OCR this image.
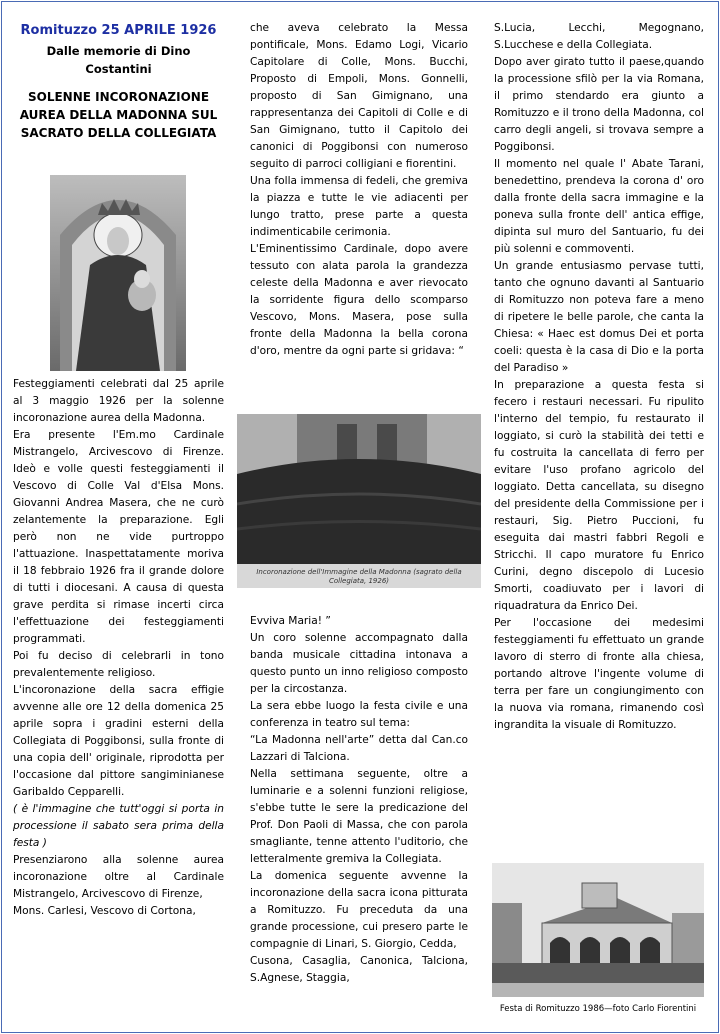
Romituzzo 25 APRILE 1926
Dalle memorie di Dino Costantini
SOLENNE INCORONAZIONE AUREA DELLA MADONNA SUL SACRATO DELLA COLLEGIATA

Festeggiamenti celebrati dal 25 aprile al 3 maggio 1926 per la solenne incoronazione aurea della Madonna.

Era presente l'Em.mo Cardinale Mistrangelo, Arcivescovo di Firenze. Ideò e volle questi festeggiamenti il Vescovo di Colle Val d'Elsa Mons. Giovanni Andrea Masera, che ne curò zelantemente la preparazione. Egli però non ne vide purtroppo l'attuazione. Inaspettatamente moriva il 18 febbraio 1926 fra il grande dolore di tutti i diocesani. A causa di questa grave perdita si rimase incerti circa l'effettuazione dei festeggiamenti programmati.

Poi fu deciso di celebrarli in tono prevalentemente religioso.

L'incoronazione della sacra effigie avvenne alle ore 12 della domenica 25 aprile sopra i gradini esterni della Collegiata di Poggibonsi, sulla fronte di una copia dell' originale, riprodotta per l'occasione dal pittore sangiminianese Garibaldo Cepparelli.

( è l'immagine che tutt'oggi si porta in processione il sabato sera prima della festa )

Presenziarono alla solenne aurea incoronazione oltre al Cardinale Mistrangelo, Arcivescovo di Firenze,

Mons. Carlesi, Vescovo di Cortona,

che aveva celebrato la Messa pontificale, Mons. Edamo Logi, Vicario Capitolare di Colle, Mons. Bucchi, Proposto di Empoli, Mons. Gonnelli, proposto di San Gimignano, una rappresentanza dei Capitoli di Colle e di San Gimignano, tutto il Capitolo dei canonici di Poggibonsi con numeroso seguito di parroci colligiani e fiorentini.

Una folla immensa di fedeli, che gremiva la piazza e tutte le vie adiacenti per lungo tratto, prese parte a questa indimenticabile cerimonia.

L'Eminentissimo Cardinale, dopo avere tessuto con alata parola la grandezza celeste della Madonna e aver rievocato la sorridente figura dello scomparso Vescovo, Mons. Masera, pose sulla fronte della Madonna la bella corona d'oro, mentre da ogni parte si gridava: “

Incoronazione dell'Immagine della Madonna (sagrato della Collegiata, 1926)

Evviva Maria! ”

Un coro solenne accompagnato dalla banda musicale cittadina intonava a questo punto un inno religioso composto per la circostanza.

La sera ebbe luogo la festa civile e una conferenza in teatro sul tema:

“La Madonna nell'arte” detta dal Can.co Lazzari di Talciona.

Nella settimana seguente, oltre a luminarie e a solenni funzioni religiose, s'ebbe tutte le sere la predicazione del Prof. Don Paoli di Massa, che con parola smagliante, tenne attento l'uditorio, che letteralmente gremiva la Collegiata.

La domenica seguente avvenne la incoronazione della sacra icona pitturata a Romituzzo. Fu preceduta da una grande processione, cui presero parte le compagnie di Linari, S. Giorgio, Cedda,

Cusona, Casaglia, Canonica, Talciona, S.Agnese, Staggia,

S.Lucia, Lecchi, Megognano, S.Lucchese e della Collegiata.

Dopo aver girato tutto il paese,quando la processione sfilò per la via Romana, il primo stendardo era giunto a Romituzzo e il trono della Madonna, col carro degli angeli, si trovava sempre a Poggibonsi.

Il momento nel quale l' Abate Tarani, benedettino, prendeva la corona d' oro dalla fronte della sacra immagine e la poneva sulla fronte dell' antica effige, dipinta sul muro del Santuario, fu dei più solenni e commoventi.

Un grande entusiasmo pervase tutti, tanto che ognuno davanti al Santuario di Romituzzo non poteva fare a meno di ripetere le belle parole, che canta la Chiesa: « Haec est domus Dei et porta coeli: questa è la casa di Dio e la porta del Paradiso »

In preparazione a questa festa si fecero i restauri necessari. Fu ripulito l'interno del tempio, fu restaurato il loggiato, si curò la stabilità dei tetti e fu costruita la cancellata di ferro per evitare l'uso profano agricolo del loggiato. Detta cancellata, su disegno del presidente della Commissione per i restauri, Sig. Pietro Puccioni, fu eseguita dai mastri fabbri Regoli e Stricchi. Il capo muratore fu Enrico Curini, degno discepolo di Lucesio Smorti, coadiuvato per i lavori di riquadratura da Enrico Dei.

Per l'occasione dei medesimi festeggiamenti fu effettuato un grande lavoro di sterro di fronte alla chiesa, portando altrove l'ingente volume di terra per fare un congiungimento con la nuova via romana, rimanendo così ingrandita la visuale di Romituzzo.

Festa di Romituzzo 1986—foto Carlo Fiorentini
